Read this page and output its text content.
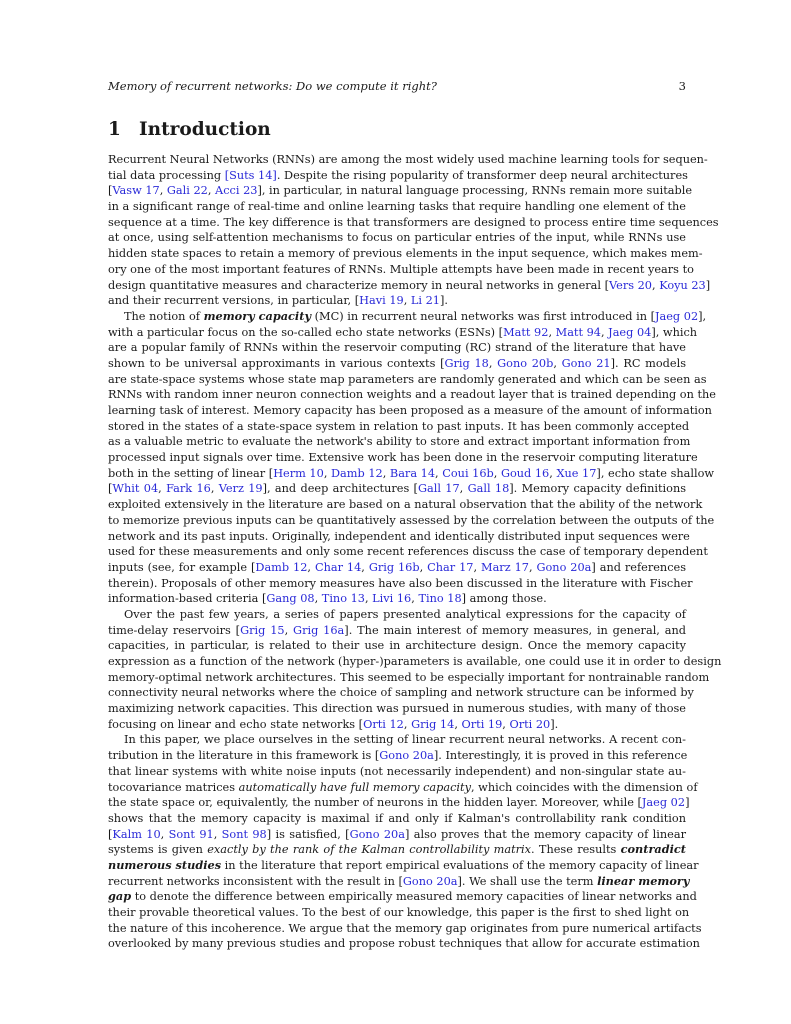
Memory of recurrent networks: Do we compute it right?	3
1 Introduction
Recurrent Neural Networks (RNNs) are among the most widely used machine learning tools for sequen-
tial data processing [Suts 14]. Despite the rising popularity of transformer deep neural architectures
[Vasw 17, Gali 22, Acci 23], in particular, in natural language processing, RNNs remain more suitable
in a significant range of real-time and online learning tasks that require handling one element of the
sequence at a time. The key difference is that transformers are designed to process entire time sequences
at once, using self-attention mechanisms to focus on particular entries of the input, while RNNs use
hidden state spaces to retain a memory of previous elements in the input sequence, which makes mem-
ory one of the most important features of RNNs. Multiple attempts have been made in recent years to
design quantitative measures and characterize memory in neural networks in general [Vers 20, Koyu 23]
and their recurrent versions, in particular, [Havi 19, Li 21].
The notion of memory capacity (MC) in recurrent neural networks was first introduced in [Jaeg 02],
with a particular focus on the so-called echo state networks (ESNs) [Matt 92, Matt 94, Jaeg 04], which
are a popular family of RNNs within the reservoir computing (RC) strand of the literature that have
shown to be universal approximants in various contexts [Grig 18, Gono 20b, Gono 21]. RC models
are state-space systems whose state map parameters are randomly generated and which can be seen as
RNNs with random inner neuron connection weights and a readout layer that is trained depending on the
learning task of interest. Memory capacity has been proposed as a measure of the amount of information
stored in the states of a state-space system in relation to past inputs. It has been commonly accepted
as a valuable metric to evaluate the network's ability to store and extract important information from
processed input signals over time. Extensive work has been done in the reservoir computing literature
both in the setting of linear [Herm 10, Damb 12, Bara 14, Coui 16b, Goud 16, Xue 17], echo state shallow
[Whit 04, Fark 16, Verz 19], and deep architectures [Gall 17, Gall 18]. Memory capacity definitions
exploited extensively in the literature are based on a natural observation that the ability of the network
to memorize previous inputs can be quantitatively assessed by the correlation between the outputs of the
network and its past inputs. Originally, independent and identically distributed input sequences were
used for these measurements and only some recent references discuss the case of temporary dependent
inputs (see, for example [Damb 12, Char 14, Grig 16b, Char 17, Marz 17, Gono 20a] and references
therein). Proposals of other memory measures have also been discussed in the literature with Fischer
information-based criteria [Gang 08, Tino 13, Livi 16, Tino 18] among those.
Over the past few years, a series of papers presented analytical expressions for the capacity of
time-delay reservoirs [Grig 15, Grig 16a]. The main interest of memory measures, in general, and
capacities, in particular, is related to their use in architecture design. Once the memory capacity
expression as a function of the network (hyper-)parameters is available, one could use it in order to design
memory-optimal network architectures. This seemed to be especially important for nontrainable random
connectivity neural networks where the choice of sampling and network structure can be informed by
maximizing network capacities. This direction was pursued in numerous studies, with many of those
focusing on linear and echo state networks [Orti 12, Grig 14, Orti 19, Orti 20].
In this paper, we place ourselves in the setting of linear recurrent neural networks. A recent con-
tribution in the literature in this framework is [Gono 20a]. Interestingly, it is proved in this reference
that linear systems with white noise inputs (not necessarily independent) and non-singular state au-
tocovariance matrices automatically have full memory capacity, which coincides with the dimension of
the state space or, equivalently, the number of neurons in the hidden layer. Moreover, while [Jaeg 02]
shows that the memory capacity is maximal if and only if Kalman's controllability rank condition
[Kalm 10, Sont 91, Sont 98] is satisfied, [Gono 20a] also proves that the memory capacity of linear
systems is given exactly by the rank of the Kalman controllability matrix. These results contradict
numerous studies in the literature that report empirical evaluations of the memory capacity of linear
recurrent networks inconsistent with the result in [Gono 20a]. We shall use the term linear memory
gap to denote the difference between empirically measured memory capacities of linear networks and
their provable theoretical values. To the best of our knowledge, this paper is the first to shed light on
the nature of this incoherence. We argue that the memory gap originates from pure numerical artifacts
overlooked by many previous studies and propose robust techniques that allow for accurate estimation
